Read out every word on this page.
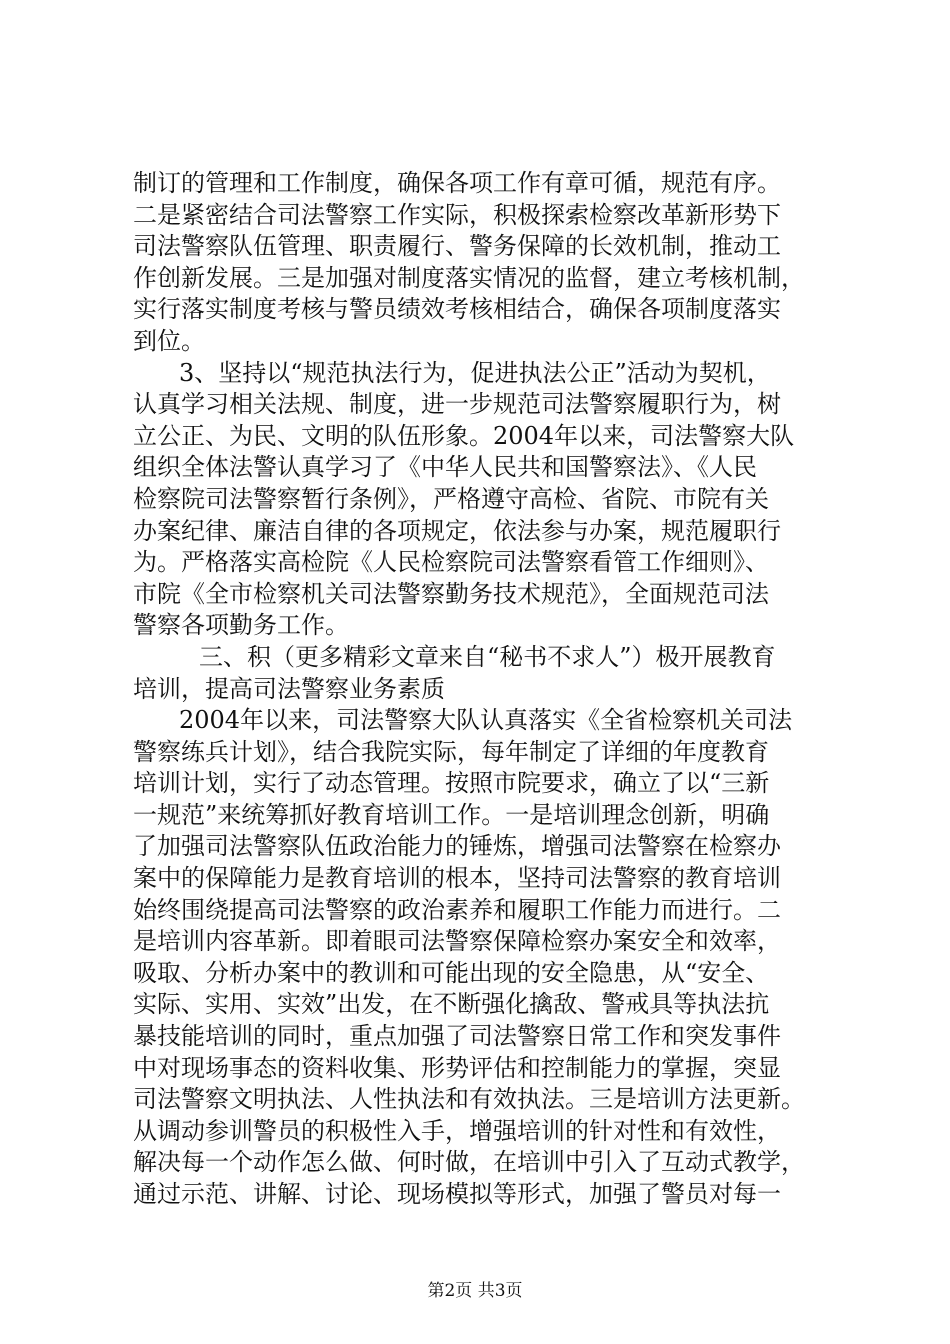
制订的管理和工作制度，确保各项工作有章可循，规范有序。
二是紧密结合司法警察工作实际，积极探索检察改革新形势下
司法警察队伍管理、职责履行、警务保障的长效机制，推动工
作创新发展。三是加强对制度落实情况的监督，建立考核机制，
实行落实制度考核与警员绩效考核相结合，确保各项制度落实
到位。
3、坚持以“规范执法行为，促进执法公正”活动为契机，
认真学习相关法规、制度，进一步规范司法警察履职行为，树
立公正、为民、文明的队伍形象。2004年以来，司法警察大队
组织全体法警认真学习了《中华人民共和国警察法》、《人民
检察院司法警察暂行条例》，严格遵守高检、省院、市院有关
办案纪律、廉洁自律的各项规定，依法参与办案，规范履职行
为。严格落实高检院《人民检察院司法警察看管工作细则》、
市院《全市检察机关司法警察勤务技术规范》，全面规范司法
警察各项勤务工作。
三、积（更多精彩文章来自“秘书不求人”）极开展教育
培训，提高司法警察业务素质
2004年以来，司法警察大队认真落实《全省检察机关司法
警察练兵计划》，结合我院实际，每年制定了详细的年度教育
培训计划，实行了动态管理。按照市院要求，确立了以“三新
一规范”来统筹抓好教育培训工作。一是培训理念创新，明确
了加强司法警察队伍政治能力的锤炼，增强司法警察在检察办
案中的保障能力是教育培训的根本，坚持司法警察的教育培训
始终围绕提高司法警察的政治素养和履职工作能力而进行。二
是培训内容革新。即着眼司法警察保障检察办案安全和效率，
吸取、分析办案中的教训和可能出现的安全隐患，从“安全、
实际、实用、实效”出发，在不断强化擒敌、警戒具等执法抗
暴技能培训的同时，重点加强了司法警察日常工作和突发事件
中对现场事态的资料收集、形势评估和控制能力的掌握，突显
司法警察文明执法、人性执法和有效执法。三是培训方法更新。
从调动参训警员的积极性入手，增强培训的针对性和有效性，
解决每一个动作怎么做、何时做，在培训中引入了互动式教学，
通过示范、讲解、讨论、现场模拟等形式，加强了警员对每一
第2页 共3页
